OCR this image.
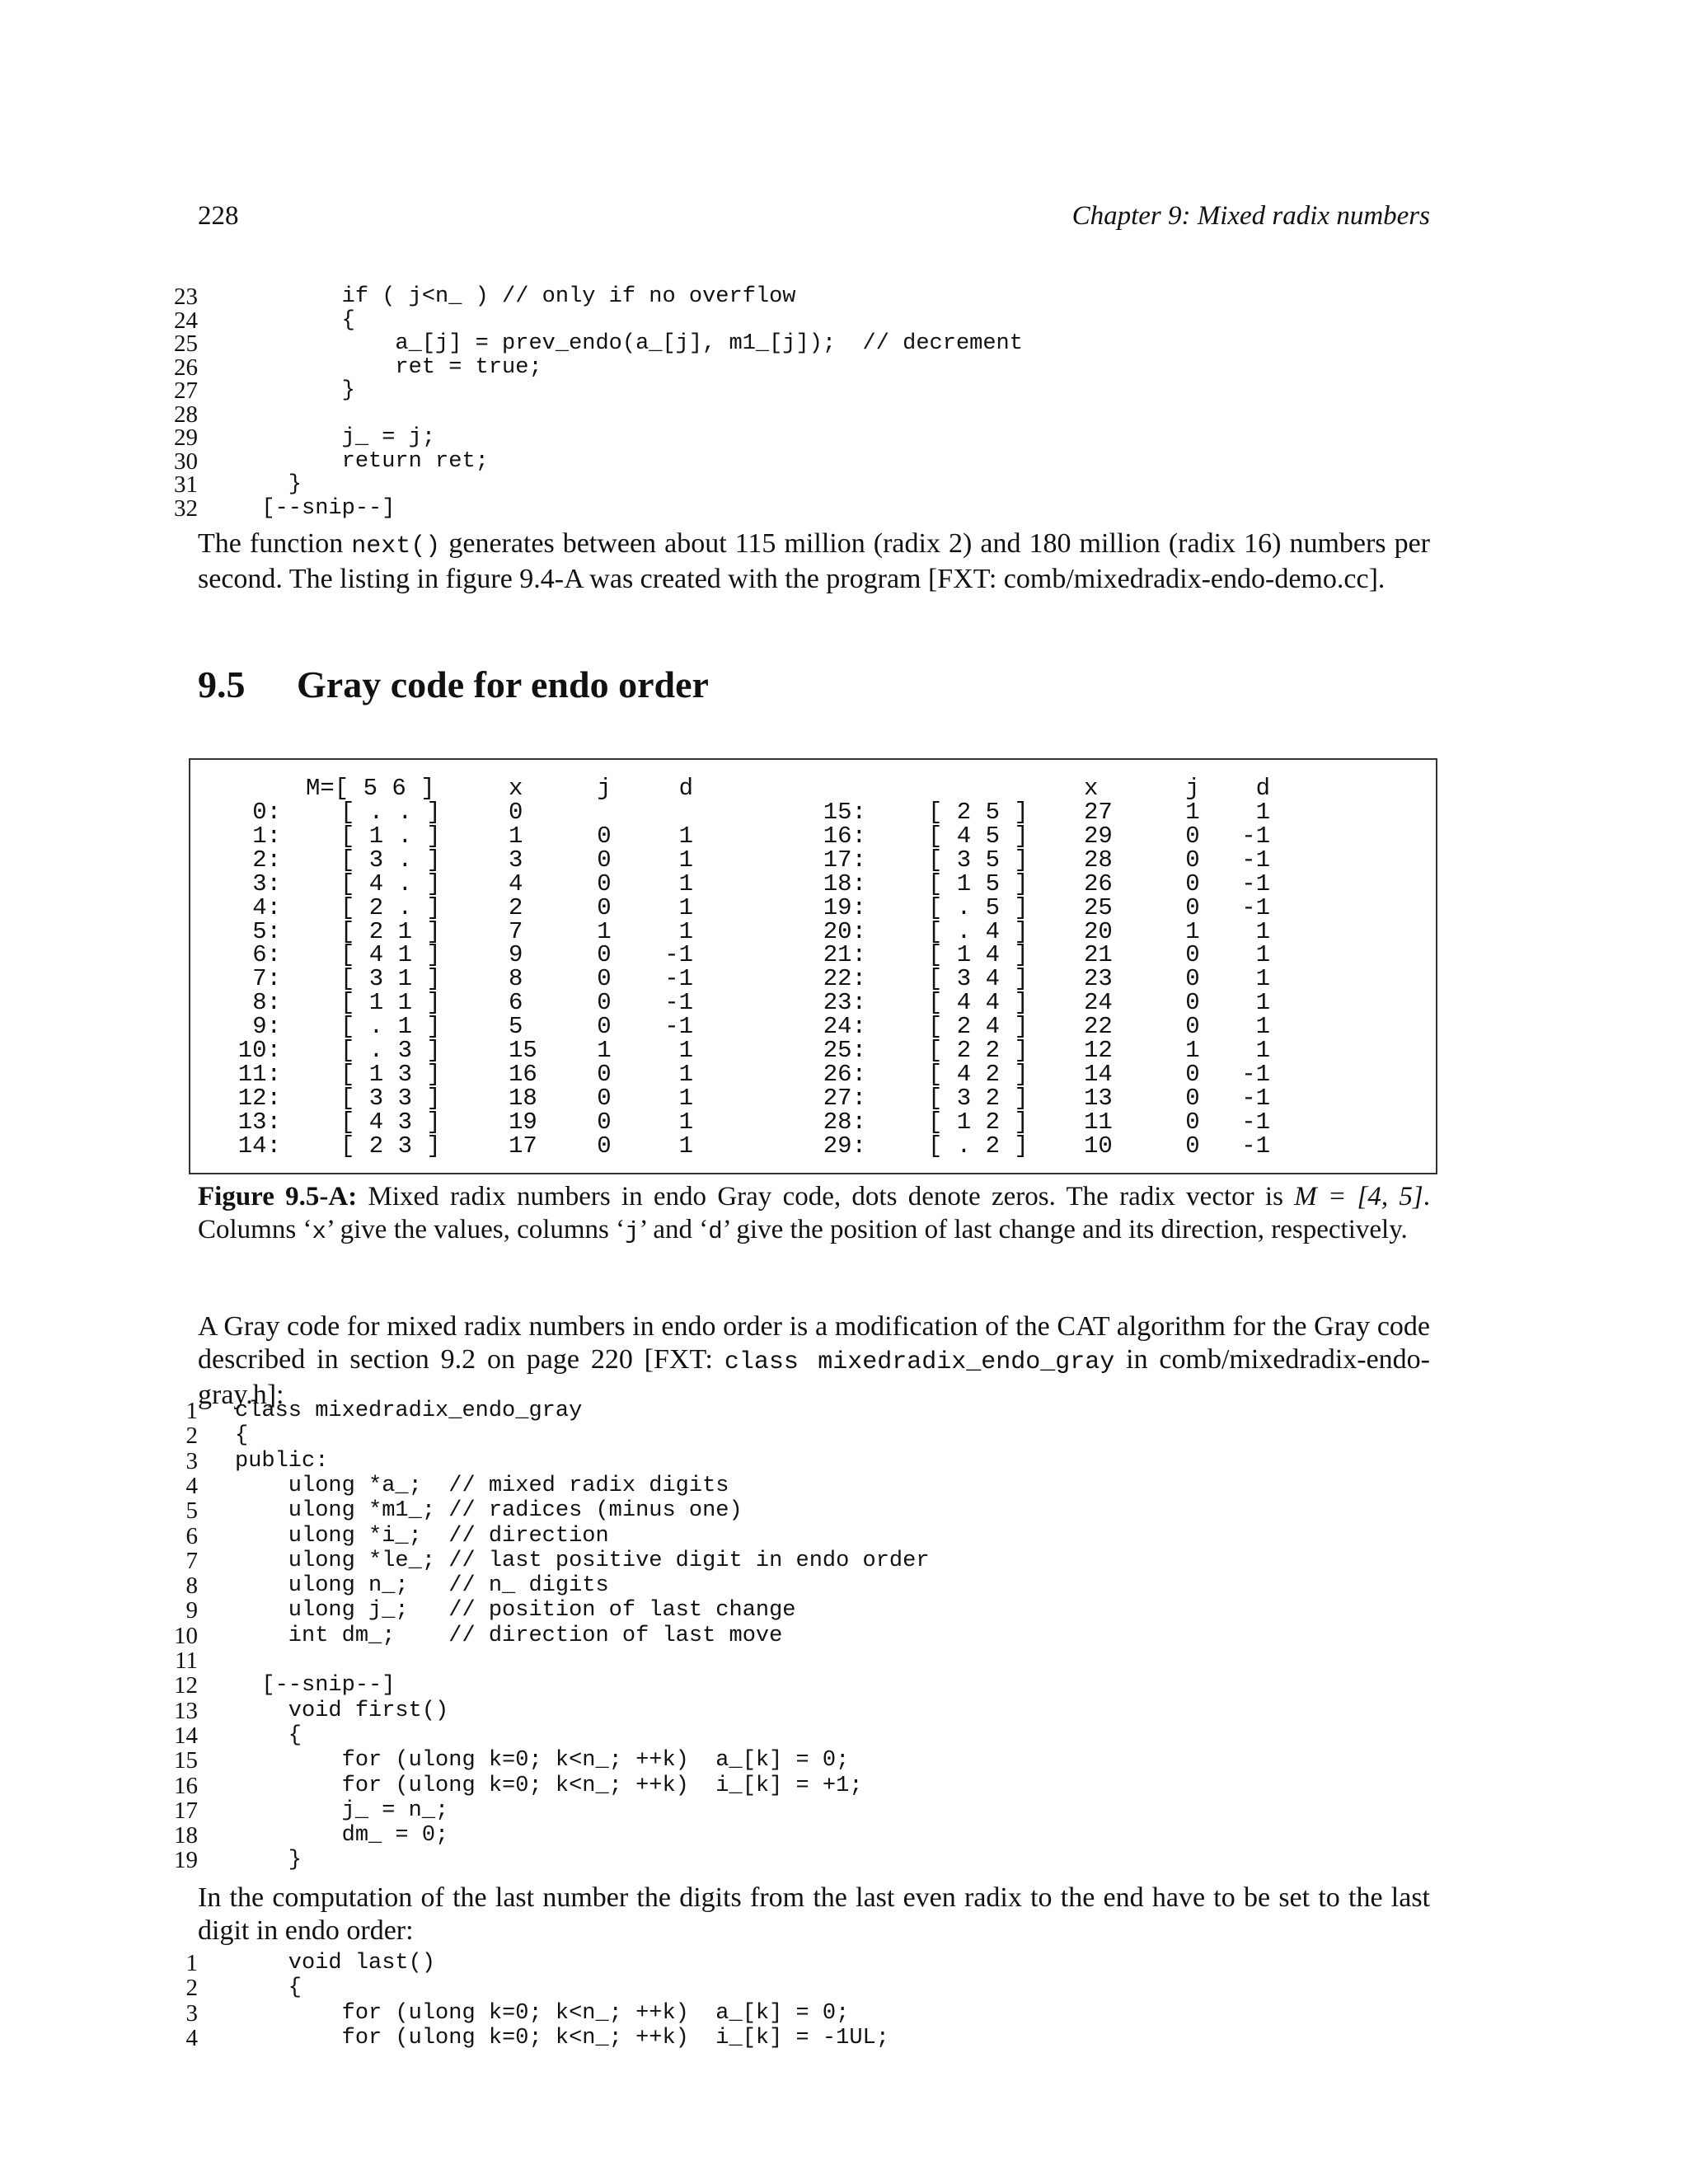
228	Chapter 9: Mixed radix numbers
23 if ( j<n_ ) // only if no overflow
24 {
25 a_[j] = prev_endo(a_[j], m1_[j]);  // decrement
26 ret = true;
27 }
28
29 j_ = j;
30 return ret;
31 }
32 [--snip--]
The function next() generates between about 115 million (radix 2) and 180 million (radix 16) numbers per second. The listing in figure 9.4-A was created with the program [FXT: comb/mixedradix-endo-demo.cc].
9.5 Gray code for endo order
M=[ 5 6 ]	x	j	d
0: [ . . ]	0
1: [ 1 . ]	1	0	1
2: [ 3 . ]	3	0	1
3: [ 4 . ]	4	0	1
4: [ 2 . ]	2	0	1
5: [ 2 1 ]	7	1	1
6: [ 4 1 ]	9	0	-1
7: [ 3 1 ]	8	0	-1
8: [ 1 1 ]	6	0	-1
9: [ . 1 ]	5	0	-1
10: [ . 3 ]	15	1	1
11: [ 1 3 ]	16	0	1
12: [ 3 3 ]	18	0	1
13: [ 4 3 ]	19	0	1
14: [ 2 3 ]	17	0	1
x	j	d
15:	[ 2 5 ]	27	1	1
16:	[ 4 5 ]	29	0	-1
17:	[ 3 5 ]	28	0	-1
18:	[ 1 5 ]	26	0	-1
19:	[ . 5 ]	25	0	-1
20:	[ . 4 ]	20	1	1
21:	[ 1 4 ]	21	0	1
22:	[ 3 4 ]	23	0	1
23:	[ 4 4 ]	24	0	1
24:	[ 2 4 ]	22	0	1
25:	[ 2 2 ]	12	1	1
26:	[ 4 2 ]	14	0	-1
27:	[ 3 2 ]	13	0	-1
28:	[ 1 2 ]	11	0	-1
29:	[ . 2 ]	10	0	-1
Figure 9.5-A: Mixed radix numbers in endo Gray code, dots denote zeros. The radix vector is M = [4, 5]. Columns ‘x’ give the values, columns ‘j’ and ‘d’ give the position of last change and its direction, respectively.
A Gray code for mixed radix numbers in endo order is a modification of the CAT algorithm for the Gray code described in section 9.2 on page 220 [FXT: class mixedradix_endo_gray in comb/mixedradix-endo-gray.h]:
1 class mixedradix_endo_gray
2 {
3 public:
4 ulong *a_;  // mixed radix digits
5 ulong *m1_; // radices (minus one)
6 ulong *i_;  // direction
7 ulong *le_; // last positive digit in endo order
8 ulong n_;   // n_ digits
9 ulong j_;   // position of last change
10 int dm_;    // direction of last move
11
12 [--snip--]
13 void first()
14 {
15 for (ulong k=0; k<n_; ++k)  a_[k] = 0;
16 for (ulong k=0; k<n_; ++k)  i_[k] = +1;
17 j_ = n_;
18 dm_ = 0;
19 }
In the computation of the last number the digits from the last even radix to the end have to be set to the last digit in endo order:
1 void last()
2 {
3 for (ulong k=0; k<n_; ++k)  a_[k] = 0;
4 for (ulong k=0; k<n_; ++k)  i_[k] = -1UL;
